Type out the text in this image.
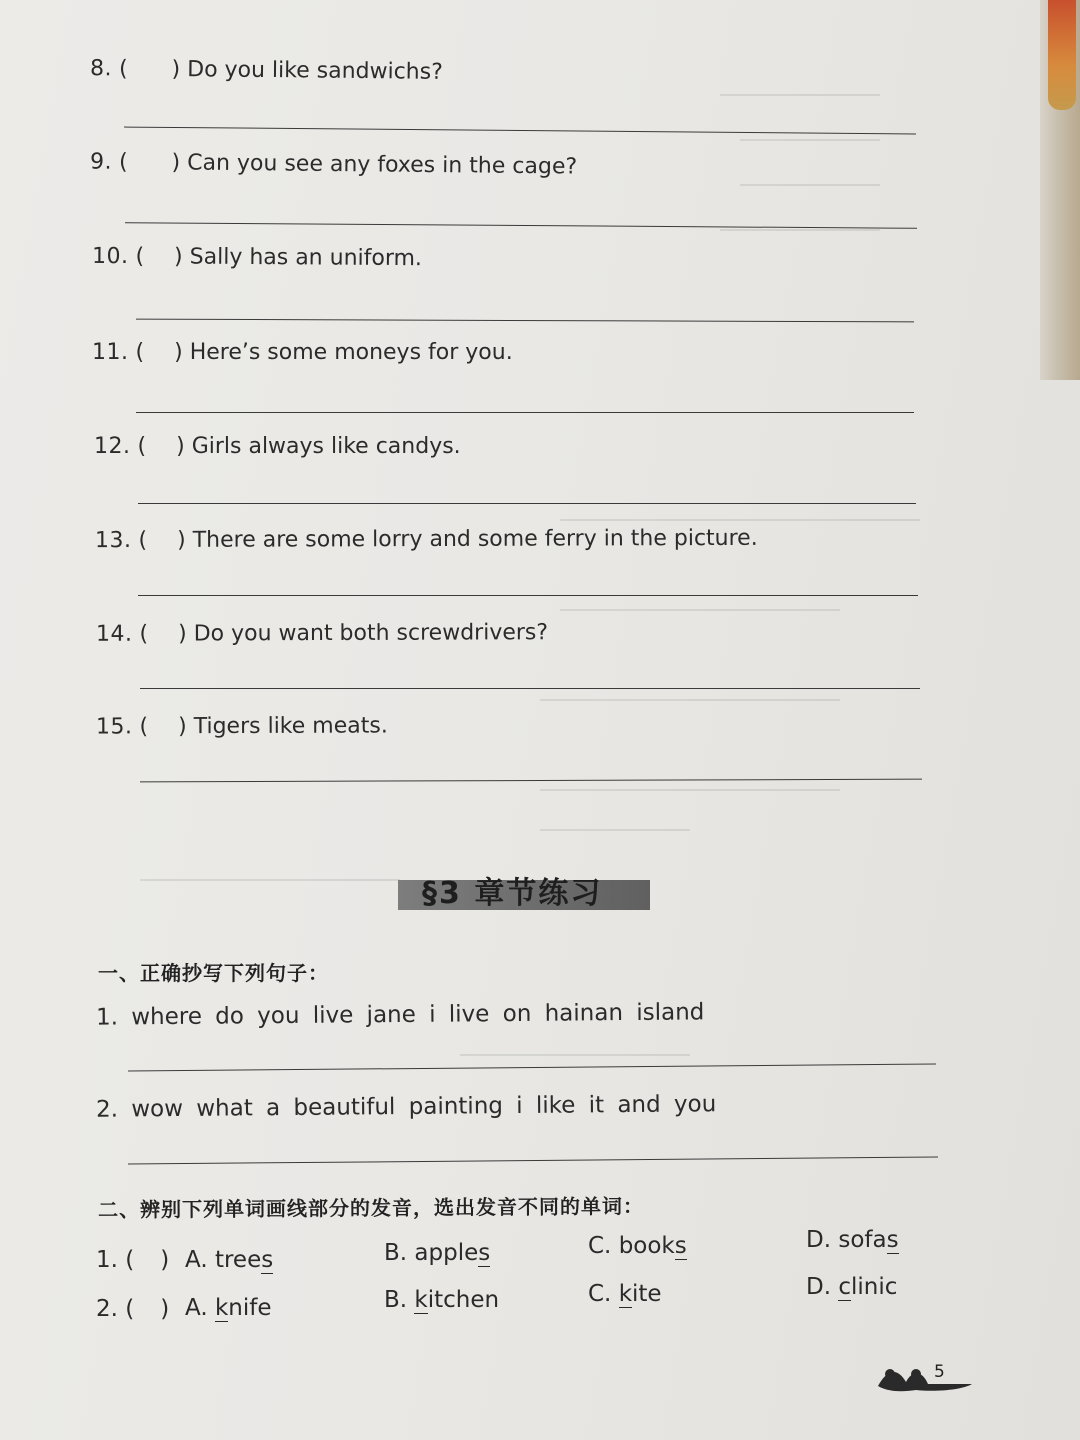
8. ( ) Do you like sandwichs?
9. ( ) Can you see any foxes in the cage?
10. ( ) Sally has an uniform.
11. ( ) Here’s some moneys for you.
12. ( ) Girls always like candys.
13. ( ) There are some lorry and some ferry in the picture.
14. ( ) Do you want both screwdrivers?
15. ( ) Tigers like meats.
§3 章节练习
一、正确抄写下列句子：
1. where do you live jane i live on hainan island
2. wow what a beautiful painting i like it and you
二、辨别下列单词画线部分的发音，选出发音不同的单词：
1. ( ) A. trees	B. apples	C. books	D. sofas
2. ( ) A. knife	B. kitchen	C. kite	D. clinic
5
